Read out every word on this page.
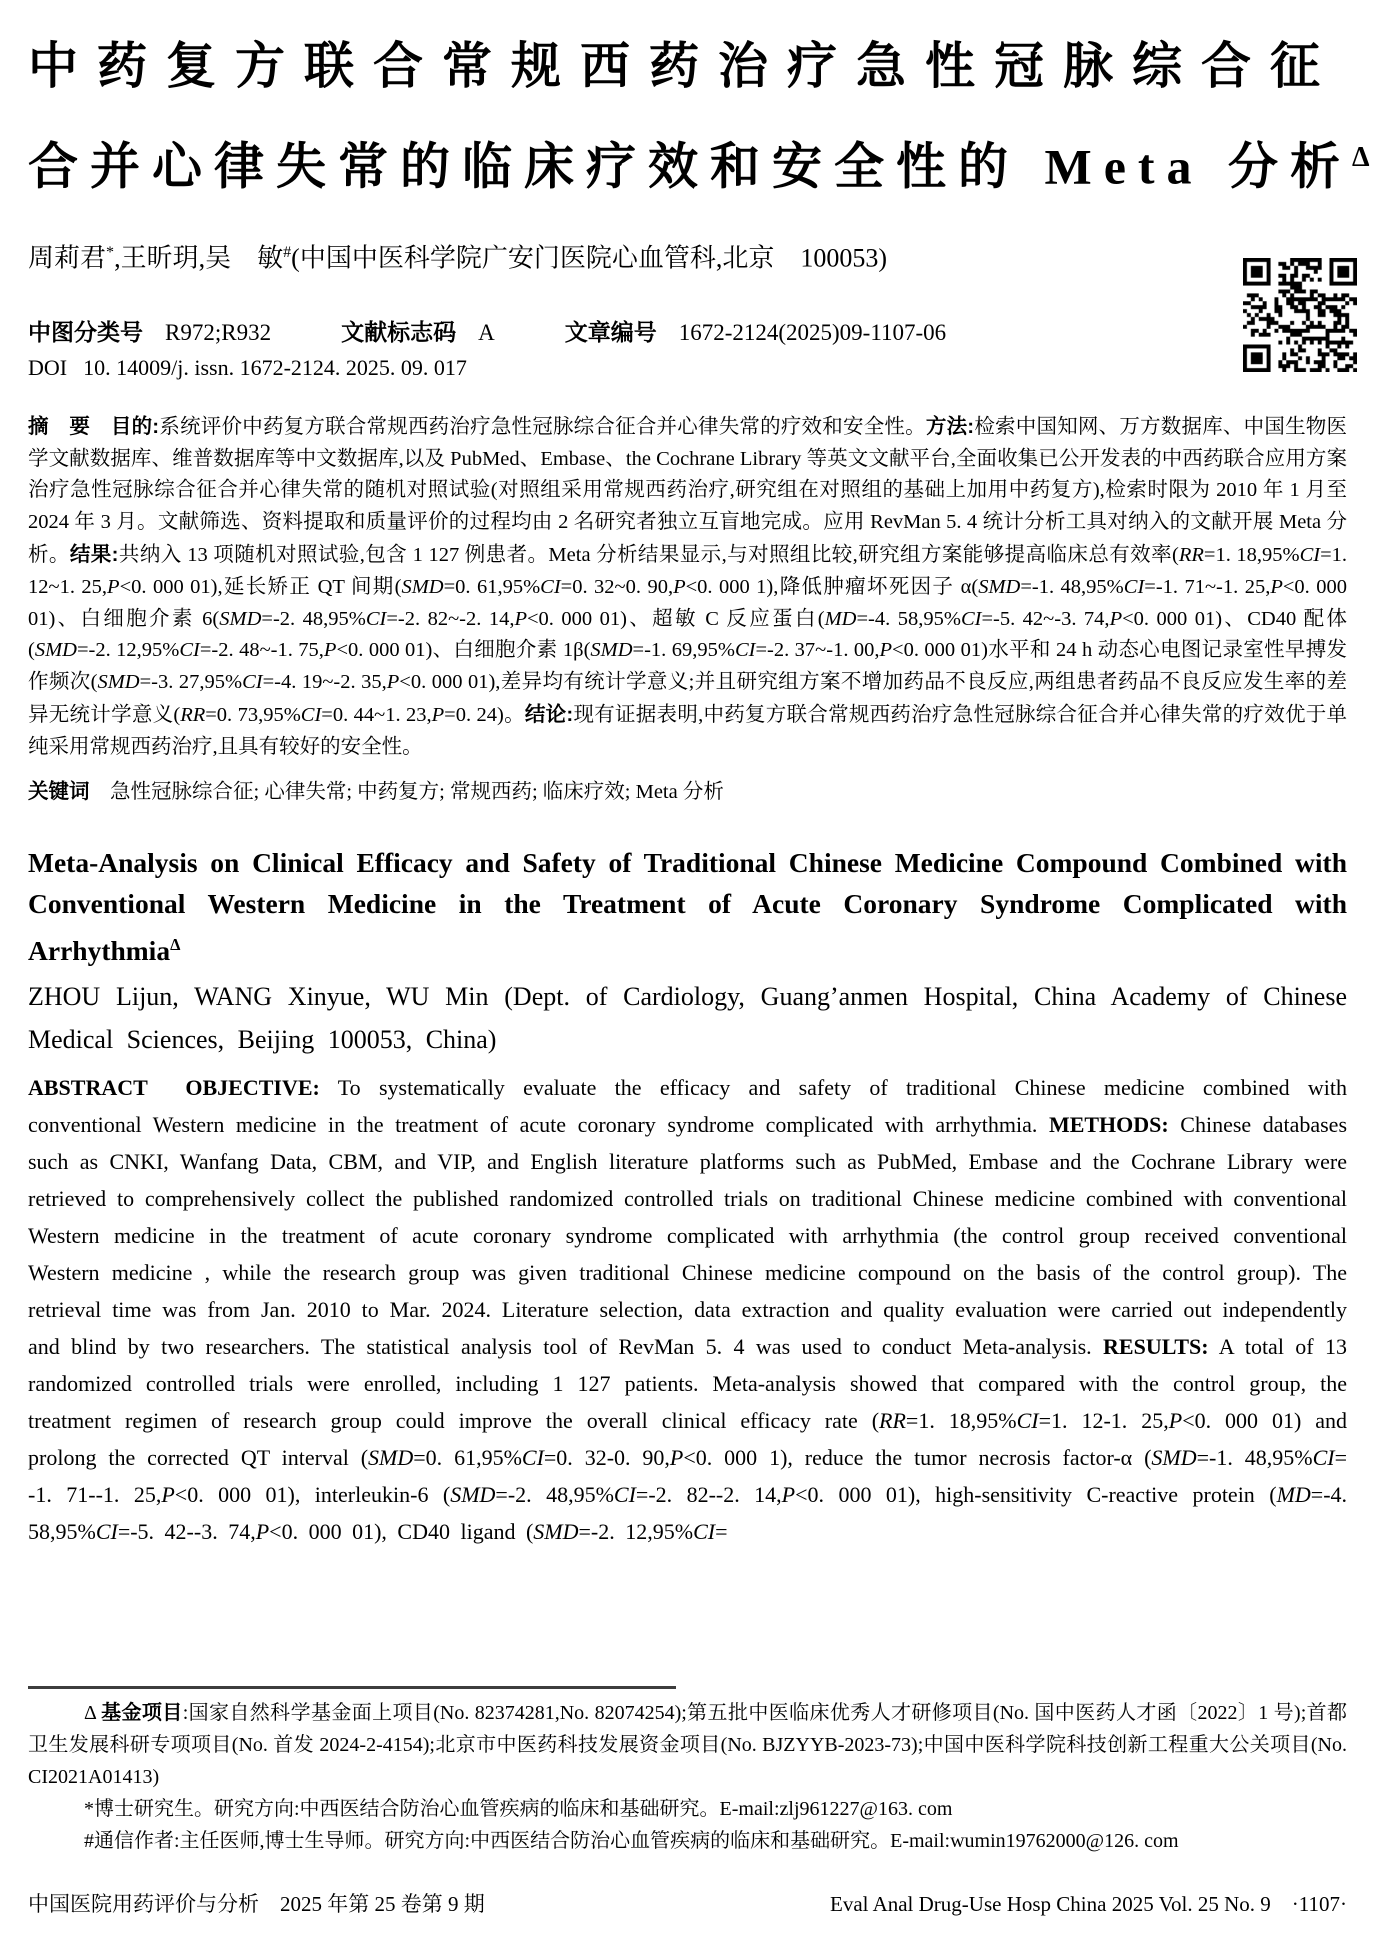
中药复方联合常规西药治疗急性冠脉综合征
合并心律失常的临床疗效和安全性的 Meta 分析$^\Delta$

周莉君*,王昕玥,吴　敏#(中国中医科学院广安门医院心血管科,北京　100053)

中图分类号 R972;R932	文献标志码 A	文章编号 1672-2124(2025)09-1107-06
DOI 10. 14009/j. issn. 1672-2124. 2025. 09. 017

摘　要　 目的:系统评价中药复方联合常规西药治疗急性冠脉综合征合并心律失常的疗效和安全性。方法:检索中国知网、万方数据库、中国生物医学文献数据库、维普数据库等中文数据库,以及 PubMed、Embase、the Cochrane Library 等英文文献平台,全面收集已公开发表的中西药联合应用方案治疗急性冠脉综合征合并心律失常的随机对照试验(对照组采用常规西药治疗,研究组在对照组的基础上加用中药复方),检索时限为 2010 年 1 月至 2024 年 3 月。文献筛选、资料提取和质量评价的过程均由 2 名研究者独立互盲地完成。应用 RevMan 5. 4 统计分析工具对纳入的文献开展 Meta 分析。结果:共纳入 13 项随机对照试验,包含 1 127 例患者。Meta 分析结果显示,与对照组比较,研究组方案能够提高临床总有效率(RR=1. 18,95%CI=1. 12~1. 25,P<0. 000 01),延长矫正 QT 间期(SMD=0. 61,95%CI=0. 32~0. 90,P<0. 000 1),降低肿瘤坏死因子 α(SMD=-1. 48,95%CI=-1. 71~-1. 25,P<0. 000 01)、白细胞介素 6(SMD=-2. 48,95%CI=-2. 82~-2. 14,P<0. 000 01)、超敏 C 反应蛋白(MD=-4. 58,95%CI=-5. 42~-3. 74,P<0. 000 01)、CD40 配体(SMD=-2. 12,95%CI=-2. 48~-1. 75,P<0. 000 01)、白细胞介素 1β(SMD=-1. 69,95%CI=-2. 37~-1. 00,P<0. 000 01)水平和 24 h 动态心电图记录室性早搏发作频次(SMD=-3. 27,95%CI=-4. 19~-2. 35,P<0. 000 01),差异均有统计学意义;并且研究组方案不增加药品不良反应,两组患者药品不良反应发生率的差异无统计学意义(RR=0. 73,95%CI=0. 44~1. 23,P=0. 24)。结论:现有证据表明,中药复方联合常规西药治疗急性冠脉综合征合并心律失常的疗效优于单纯采用常规西药治疗,且具有较好的安全性。

关键词　急性冠脉综合征; 心律失常; 中药复方; 常规西药; 临床疗效; Meta 分析

Meta-Analysis on Clinical Efficacy and Safety of Traditional Chinese Medicine Compound Combined with Conventional Western Medicine in the Treatment of Acute Coronary Syndrome Complicated with Arrhythmia$^\Delta$

ZHOU Lijun, WANG Xinyue, WU Min (Dept. of Cardiology, Guang’anmen Hospital, China Academy of Chinese Medical Sciences, Beijing 100053, China)

ABSTRACT　 OBJECTIVE: To systematically evaluate the efficacy and safety of traditional Chinese medicine combined with conventional Western medicine in the treatment of acute coronary syndrome complicated with arrhythmia. METHODS: Chinese databases such as CNKI, Wanfang Data, CBM, and VIP, and English literature platforms such as PubMed, Embase and the Cochrane Library were retrieved to comprehensively collect the published randomized controlled trials on traditional Chinese medicine combined with conventional Western medicine in the treatment of acute coronary syndrome complicated with arrhythmia (the control group received conventional Western medicine , while the research group was given traditional Chinese medicine compound on the basis of the control group). The retrieval time was from Jan. 2010 to Mar. 2024. Literature selection, data extraction and quality evaluation were carried out independently and blind by two researchers. The statistical analysis tool of RevMan 5. 4 was used to conduct Meta-analysis. RESULTS: A total of 13 randomized controlled trials were enrolled, including 1 127 patients. Meta-analysis showed that compared with the control group, the treatment regimen of research group could improve the overall clinical efficacy rate (RR=1. 18,95%CI=1. 12-1. 25,P<0. 000 01) and prolong the corrected QT interval (SMD=0. 61,95%CI=0. 32-0. 90,P<0. 000 1), reduce the tumor necrosis factor-α (SMD=-1. 48,95%CI= -1. 71--1. 25,P<0. 000 01), interleukin-6 (SMD=-2. 48,95%CI=-2. 82--2. 14,P<0. 000 01), high-sensitivity C-reactive protein (MD=-4. 58,95%CI=-5. 42--3. 74,P<0. 000 01), CD40 ligand (SMD=-2. 12,95%CI=

Δ 基金项目:国家自然科学基金面上项目(No. 82374281,No. 82074254);第五批中医临床优秀人才研修项目(No. 国中医药人才函〔2022〕1 号);首都卫生发展科研专项项目(No. 首发 2024-2-4154);北京市中医药科技发展资金项目(No. BJZYYB-2023-73);中国中医科学院科技创新工程重大公关项目(No. CI2021A01413)

*博士研究生。研究方向:中西医结合防治心血管疾病的临床和基础研究。E-mail:zlj961227@163. com

#通信作者:主任医师,博士生导师。研究方向:中西医结合防治心血管疾病的临床和基础研究。E-mail:wumin19762000@126. com

中国医院用药评价与分析　2025 年第 25 卷第 9 期	Eval Anal Drug-Use Hosp China 2025 Vol. 25 No. 9　·1107·
